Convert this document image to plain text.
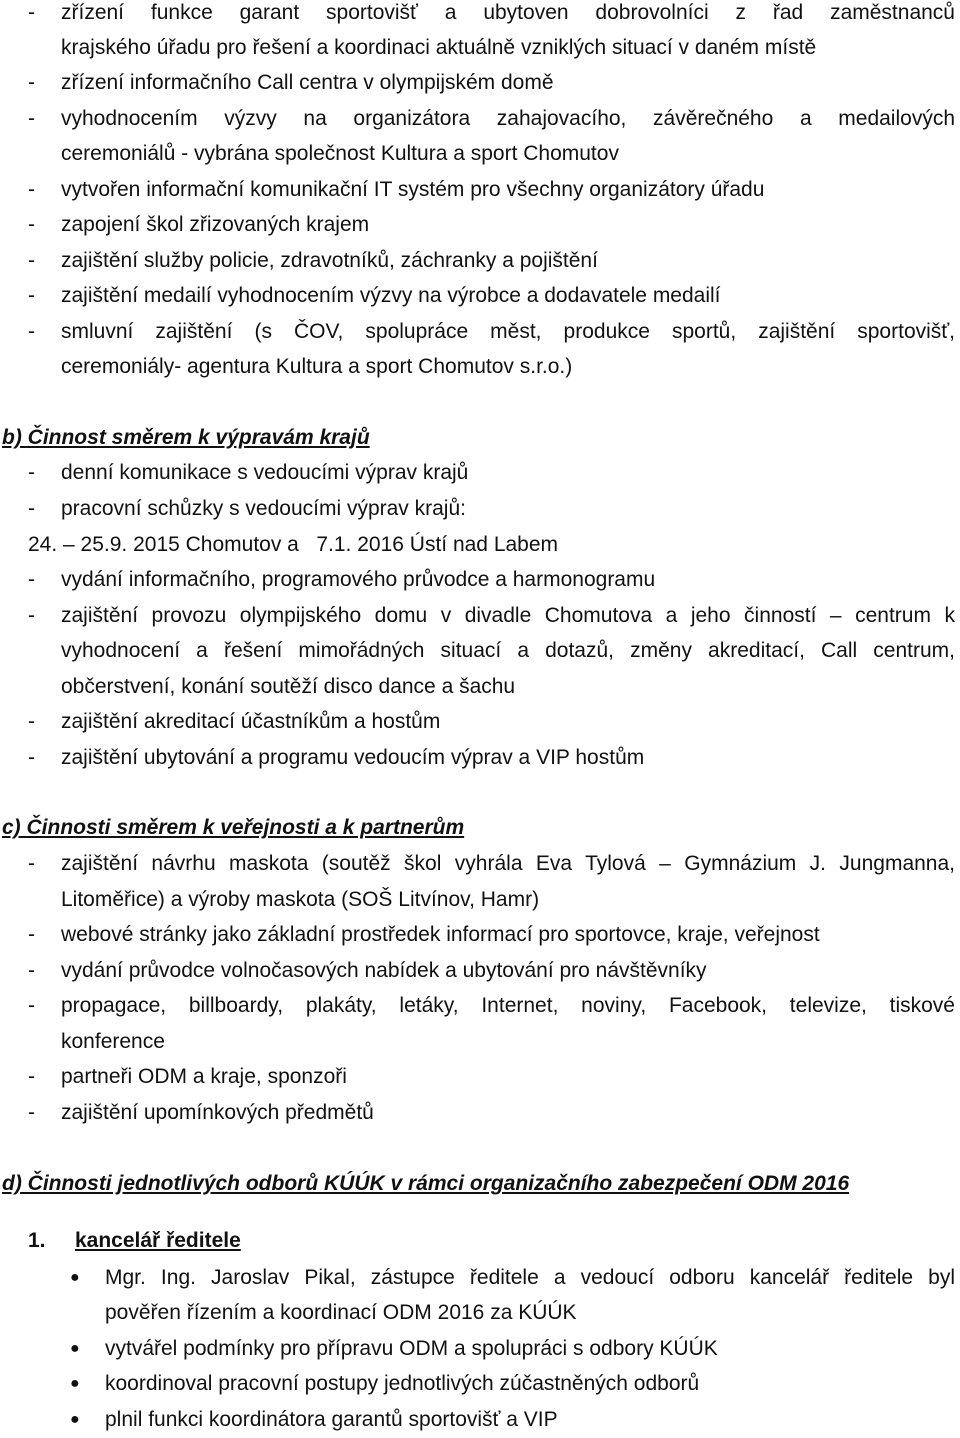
- zřízení funkce garant sportovišť a ubytoven dobrovolníci z řad zaměstnanců
krajského úřadu pro řešení a koordinaci aktuálně vzniklých situací v daném místě
- zřízení informačního Call centra v olympijském domě
- vyhodnocením výzvy na organizátora zahajovacího, závěrečného a medailových
ceremoniálů - vybrána společnost Kultura a sport Chomutov
- vytvořen informační komunikační IT systém pro všechny organizátory úřadu
- zapojení škol zřizovaných krajem
- zajištění služby policie, zdravotníků, záchranky a pojištění
- zajištění medailí vyhodnocením výzvy na výrobce a dodavatele medailí
- smluvní zajištění (s ČOV, spolupráce měst, produkce sportů, zajištění sportovišť,
ceremoniály- agentura Kultura a sport Chomutov s.r.o.)
b) Činnost směrem k výpravám krajů
- denní komunikace s vedoucími výprav krajů
- pracovní schůzky s vedoucími výprav krajů:
24. – 25.9. 2015 Chomutov a   7.1. 2016 Ústí nad Labem
- vydání informačního, programového průvodce a harmonogramu
- zajištění provozu olympijského domu v divadle Chomutova a jeho činností – centrum k
vyhodnocení a řešení mimořádných situací a dotazů, změny akreditací, Call centrum,
občerstvení, konání soutěží disco dance a šachu
- zajištění akreditací účastníkům a hostům
- zajištění ubytování a programu vedoucím výprav a VIP hostům
c) Činnosti směrem k veřejnosti a k partnerům
- zajištění návrhu maskota (soutěž škol vyhrála Eva Tylová – Gymnázium J. Jungmanna,
Litoměřice) a výroby maskota (SOŠ Litvínov, Hamr)
- webové stránky jako základní prostředek informací pro sportovce, kraje, veřejnost
- vydání průvodce volnočasových nabídek a ubytování pro návštěvníky
- propagace, billboardy, plakáty, letáky, Internet, noviny, Facebook, televize, tiskové
konference
- partneři ODM a kraje, sponzoři
- zajištění upomínkových předmětů
d) Činnosti jednotlivých odborů KÚÚK v rámci organizačního zabezpečení ODM 2016
1. kancelář ředitele
● Mgr. Ing. Jaroslav Pikal, zástupce ředitele a vedoucí odboru kancelář ředitele byl
pověřen řízením a koordinací ODM 2016 za KÚÚK
● vytvářel podmínky pro přípravu ODM a spolupráci s odbory KÚÚK
● koordinoval pracovní postupy jednotlivých zúčastněných odborů
● plnil funkci koordinátora garantů sportovišť a VIP
